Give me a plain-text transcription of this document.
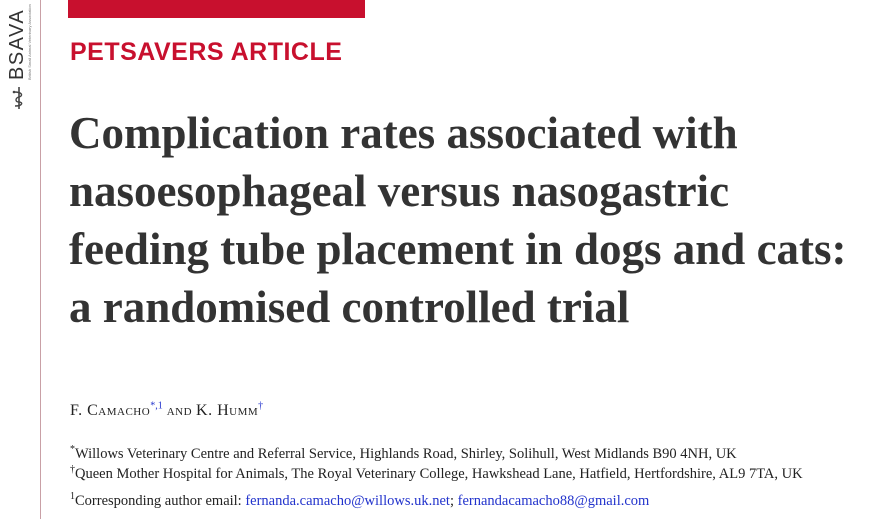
BSAVA British Small Animal Veterinary Association PETSAVERS ARTICLE
Complication rates associated with nasoesophageal versus nasogastric feeding tube placement in dogs and cats: a randomised controlled trial
F. Camacho$^{*,1}$ and K. Humm†
*Willows Veterinary Centre and Referral Service, Highlands Road, Shirley, Solihull, West Midlands B90 4NH, UK
†Queen Mother Hospital for Animals, The Royal Veterinary College, Hawkshead Lane, Hatfield, Hertfordshire, AL9 7TA, UK
$^1$Corresponding author email: fernanda.camacho@willows.uk.net; fernandacamacho88@gmail.com
